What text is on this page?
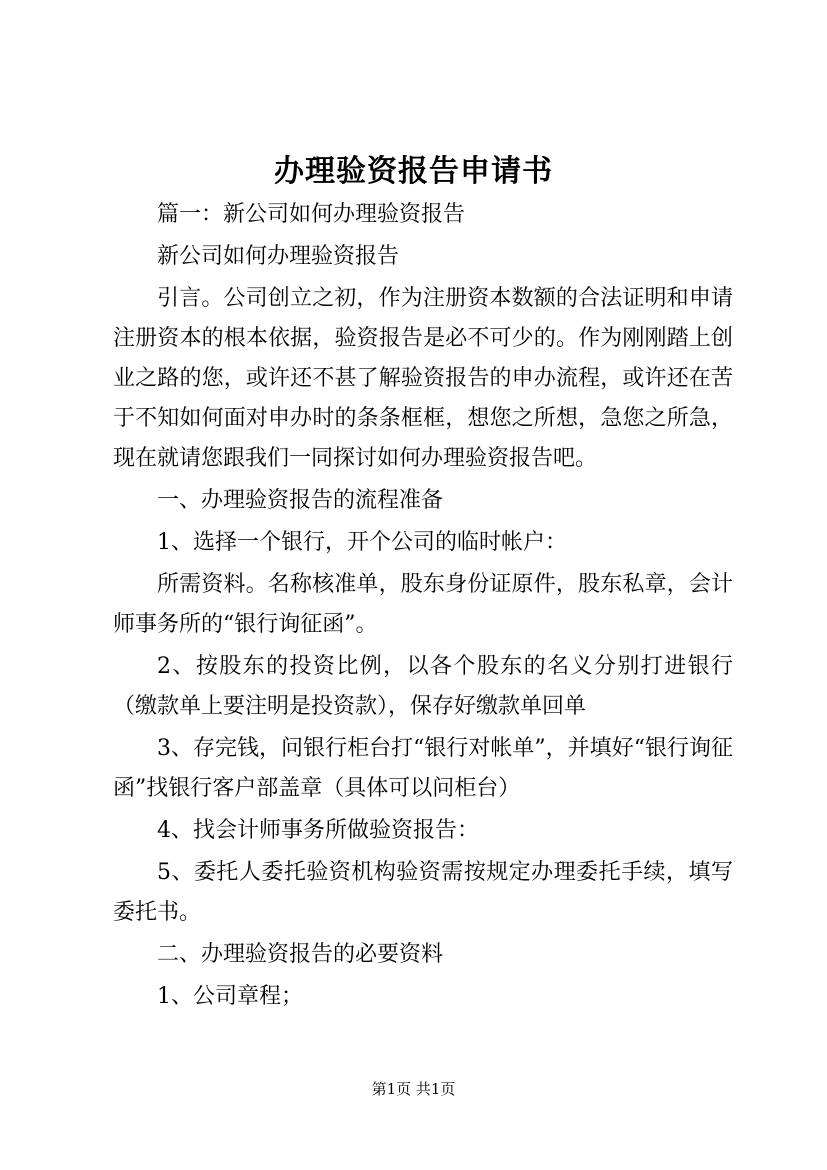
办理验资报告申请书

篇一：新公司如何办理验资报告

新公司如何办理验资报告

引言。公司创立之初，作为注册资本数额的合法证明和申请注册资本的根本依据，验资报告是必不可少的。作为刚刚踏上创业之路的您，或许还不甚了解验资报告的申办流程，或许还在苦于不知如何面对申办时的条条框框，想您之所想，急您之所急，现在就请您跟我们一同探讨如何办理验资报告吧。

一、办理验资报告的流程准备

1、选择一个银行，开个公司的临时帐户：

所需资料。名称核准单，股东身份证原件，股东私章，会计师事务所的“银行询征函”。

2、按股东的投资比例，以各个股东的名义分别打进银行（缴款单上要注明是投资款），保存好缴款单回单

3、存完钱，问银行柜台打“银行对帐单”，并填好“银行询征函”找银行客户部盖章（具体可以问柜台）

4、找会计师事务所做验资报告：

5、委托人委托验资机构验资需按规定办理委托手续，填写委托书。

二、办理验资报告的必要资料

1、公司章程；

第1页 共1页
